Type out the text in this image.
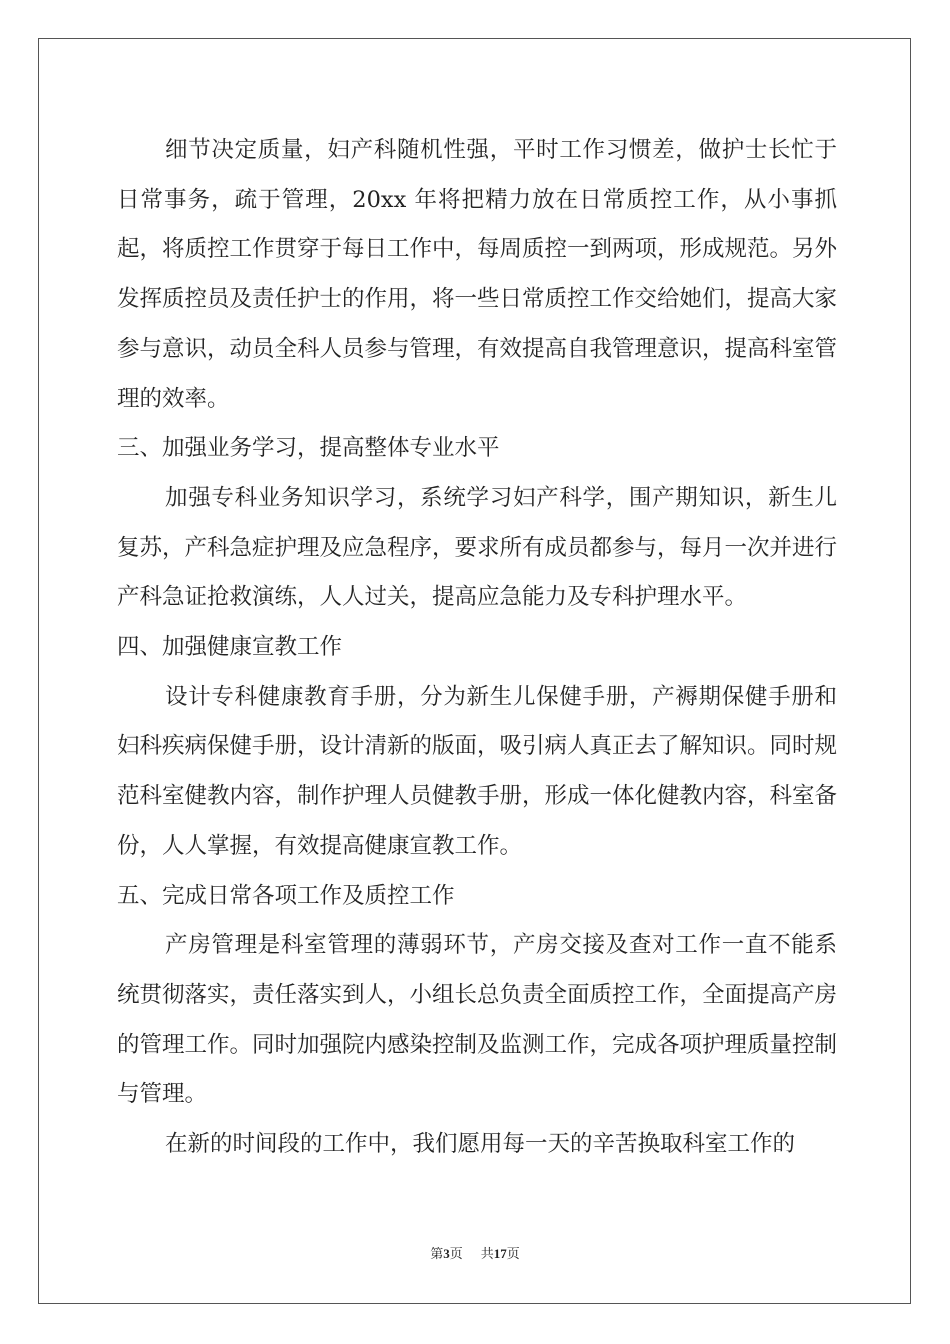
细节决定质量，妇产科随机性强，平时工作习惯差，做护士长忙于日常事务，疏于管理，20xx 年将把精力放在日常质控工作，从小事抓起，将质控工作贯穿于每日工作中，每周质控一到两项，形成规范。另外发挥质控员及责任护士的作用，将一些日常质控工作交给她们，提高大家参与意识，动员全科人员参与管理，有效提高自我管理意识，提高科室管理的效率。

三、加强业务学习，提高整体专业水平

加强专科业务知识学习，系统学习妇产科学，围产期知识，新生儿复苏，产科急症护理及应急程序，要求所有成员都参与，每月一次并进行产科急证抢救演练，人人过关，提高应急能力及专科护理水平。

四、加强健康宣教工作

设计专科健康教育手册，分为新生儿保健手册，产褥期保健手册和妇科疾病保健手册，设计清新的版面，吸引病人真正去了解知识。同时规范科室健教内容，制作护理人员健教手册，形成一体化健教内容，科室备份，人人掌握，有效提高健康宣教工作。

五、完成日常各项工作及质控工作

产房管理是科室管理的薄弱环节，产房交接及查对工作一直不能系统贯彻落实，责任落实到人，小组长总负责全面质控工作，全面提高产房的管理工作。同时加强院内感染控制及监测工作，完成各项护理质量控制与管理。

在新的时间段的工作中，我们愿用每一天的辛苦换取科室工作的

第3页 共17页
